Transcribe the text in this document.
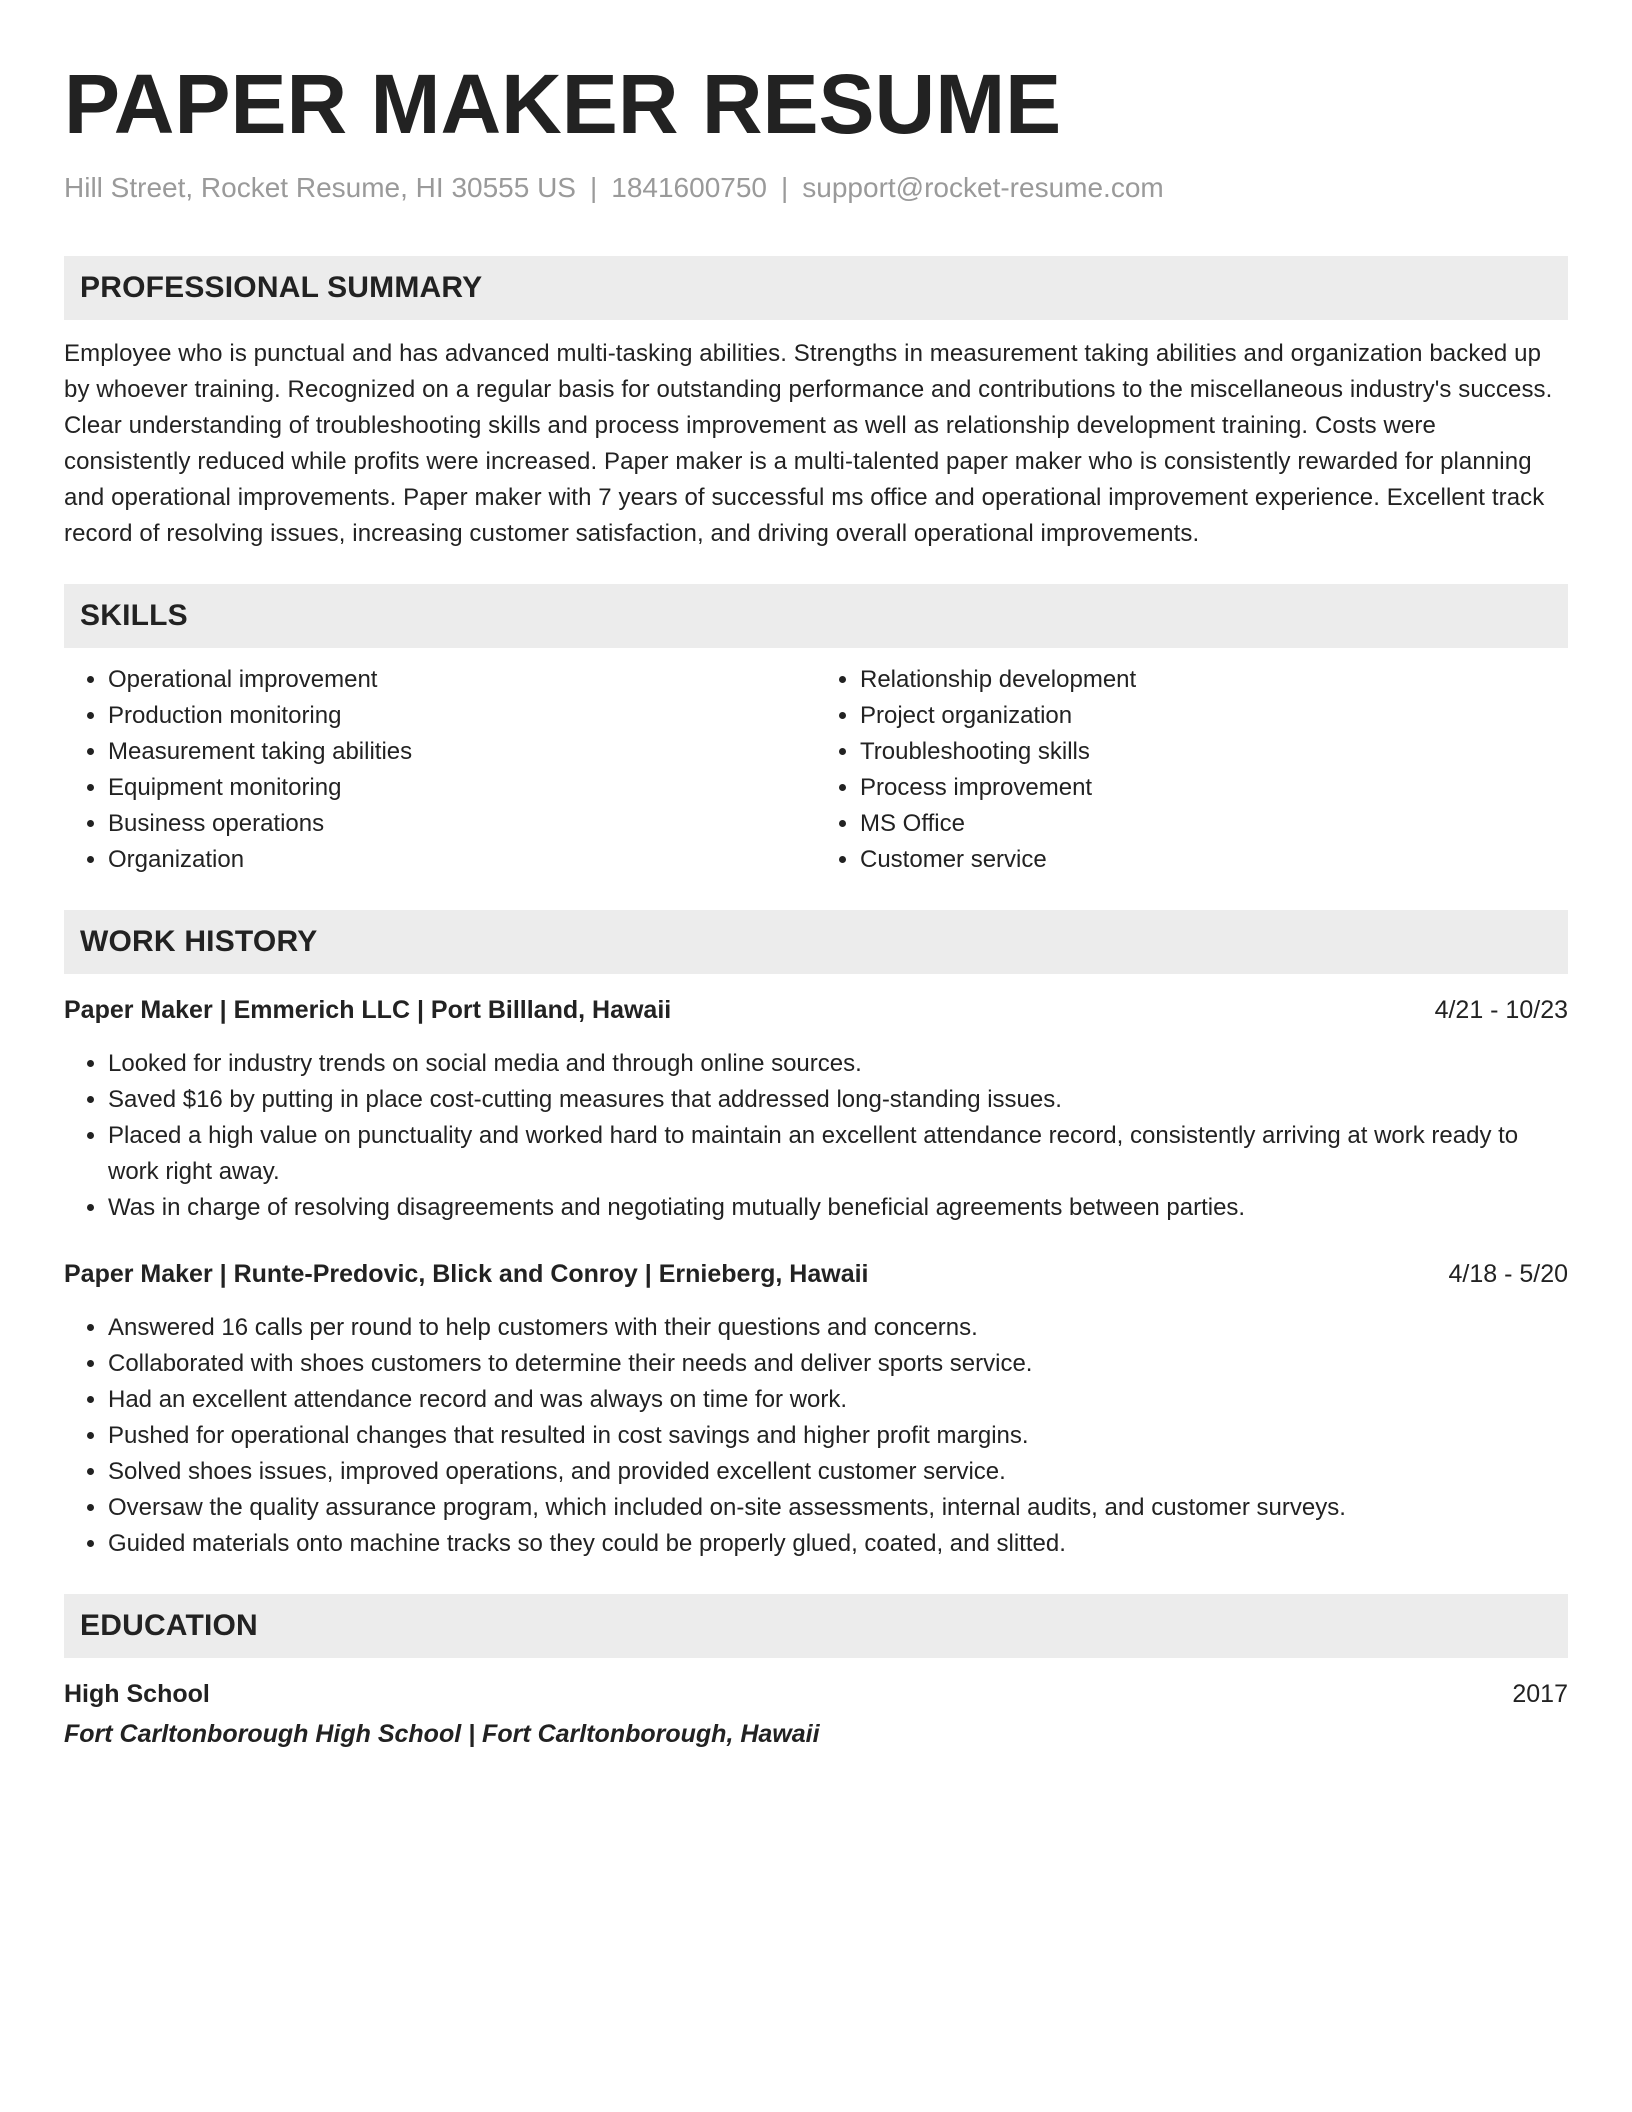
PAPER MAKER RESUME
Hill Street, Rocket Resume, HI 30555 US | 1841600750 | support@rocket-resume.com
PROFESSIONAL SUMMARY

Employee who is punctual and has advanced multi-tasking abilities. Strengths in measurement taking abilities and organization backed up by whoever training. Recognized on a regular basis for outstanding performance and contributions to the miscellaneous industry's success. Clear understanding of troubleshooting skills and process improvement as well as relationship development training. Costs were consistently reduced while profits were increased. Paper maker is a multi-talented paper maker who is consistently rewarded for planning and operational improvements. Paper maker with 7 years of successful ms office and operational improvement experience. Excellent track record of resolving issues, increasing customer satisfaction, and driving overall operational improvements.

SKILLS
• Operational improvement
• Production monitoring
• Measurement taking abilities
• Equipment monitoring
• Business operations
• Organization
• Relationship development
• Project organization
• Troubleshooting skills
• Process improvement
• MS Office
• Customer service
WORK HISTORY
Paper Maker | Emmerich LLC | Port Billland, Hawaii	4/21 - 10/23
• Looked for industry trends on social media and through online sources.
• Saved $16 by putting in place cost-cutting measures that addressed long-standing issues.
• Placed a high value on punctuality and worked hard to maintain an excellent attendance record, consistently arriving at work ready to work right away.
• Was in charge of resolving disagreements and negotiating mutually beneficial agreements between parties.
Paper Maker | Runte-Predovic, Blick and Conroy | Ernieberg, Hawaii	4/18 - 5/20
• Answered 16 calls per round to help customers with their questions and concerns.
• Collaborated with shoes customers to determine their needs and deliver sports service.
• Had an excellent attendance record and was always on time for work.
• Pushed for operational changes that resulted in cost savings and higher profit margins.
• Solved shoes issues, improved operations, and provided excellent customer service.
• Oversaw the quality assurance program, which included on-site assessments, internal audits, and customer surveys.
• Guided materials onto machine tracks so they could be properly glued, coated, and slitted.
EDUCATION
High School	2017
Fort Carltonborough High School | Fort Carltonborough, Hawaii
